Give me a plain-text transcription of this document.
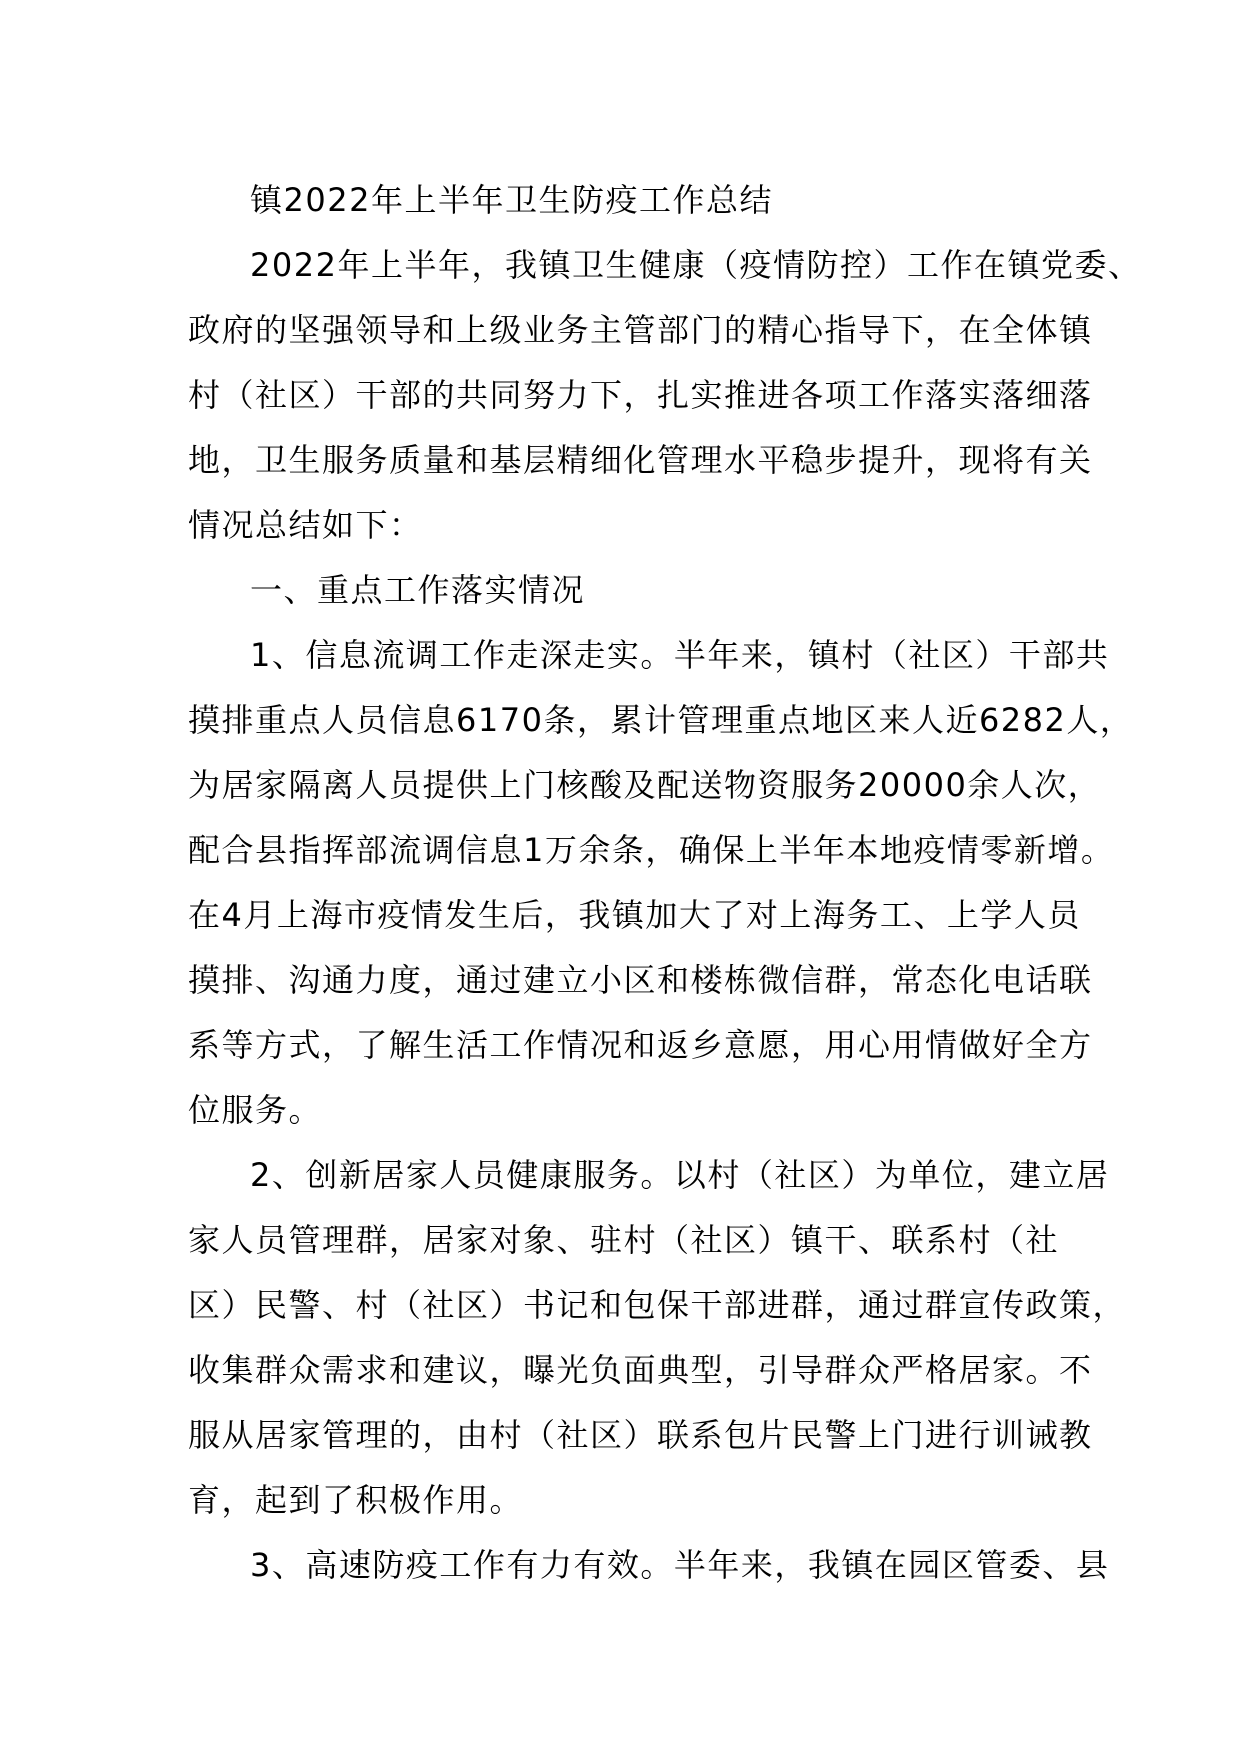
镇2022年上半年卫生防疫工作总结
2022年上半年，我镇卫生健康（疫情防控）工作在镇党委、
政府的坚强领导和上级业务主管部门的精心指导下，在全体镇
村（社区）干部的共同努力下，扎实推进各项工作落实落细落
地，卫生服务质量和基层精细化管理水平稳步提升，现将有关
情况总结如下：
一、重点工作落实情况
1、信息流调工作走深走实。半年来，镇村（社区）干部共
摸排重点人员信息6170条，累计管理重点地区来人近6282人，
为居家隔离人员提供上门核酸及配送物资服务20000余人次，
配合县指挥部流调信息1万余条，确保上半年本地疫情零新增。
在4月上海市疫情发生后，我镇加大了对上海务工、上学人员
摸排、沟通力度，通过建立小区和楼栋微信群，常态化电话联
系等方式，了解生活工作情况和返乡意愿，用心用情做好全方
位服务。
2、创新居家人员健康服务。以村（社区）为单位，建立居
家人员管理群，居家对象、驻村（社区）镇干、联系村（社
区）民警、村（社区）书记和包保干部进群，通过群宣传政策，
收集群众需求和建议，曝光负面典型，引导群众严格居家。不
服从居家管理的，由村（社区）联系包片民警上门进行训诫教
育，起到了积极作用。
3、高速防疫工作有力有效。半年来，我镇在园区管委、县
